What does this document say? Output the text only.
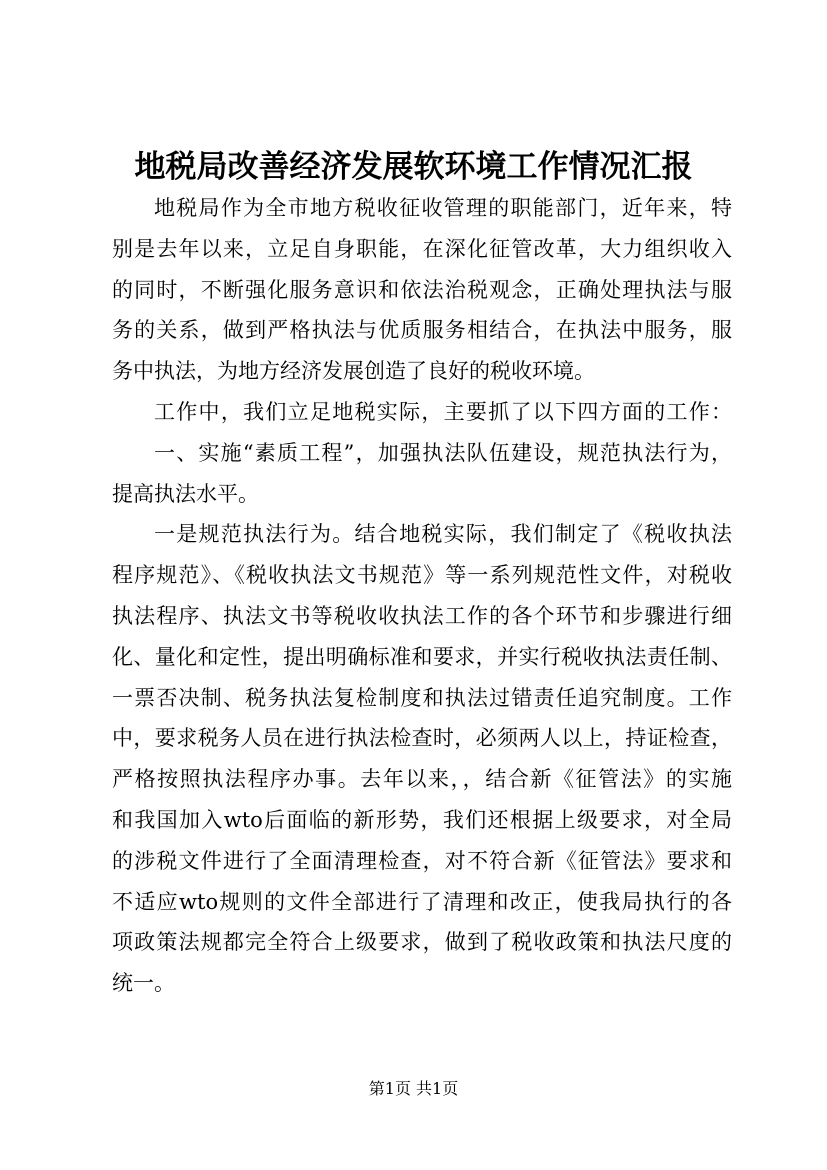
地税局改善经济发展软环境工作情况汇报
地税局作为全市地方税收征收管理的职能部门，近年来，特
别是去年以来，立足自身职能，在深化征管改革，大力组织收入
的同时，不断强化服务意识和依法治税观念，正确处理执法与服
务的关系，做到严格执法与优质服务相结合，在执法中服务，服
务中执法，为地方经济发展创造了良好的税收环境。
工作中，我们立足地税实际，主要抓了以下四方面的工作：
一、实施“素质工程”，加强执法队伍建设，规范执法行为，
提高执法水平。
一是规范执法行为。结合地税实际，我们制定了《税收执法
程序规范》、《税收执法文书规范》等一系列规范性文件，对税收
执法程序、执法文书等税收收执法工作的各个环节和步骤进行细
化、量化和定性，提出明确标准和要求，并实行税收执法责任制、
一票否决制、税务执法复检制度和执法过错责任追究制度。工作
中，要求税务人员在进行执法检查时，必须两人以上，持证检查，
严格按照执法程序办事。去年以来，，结合新《征管法》的实施
和我国加入wto后面临的新形势，我们还根据上级要求，对全局
的涉税文件进行了全面清理检查，对不符合新《征管法》要求和
不适应wto规则的文件全部进行了清理和改正，使我局执行的各
项政策法规都完全符合上级要求，做到了税收政策和执法尺度的
统一。
第1页 共1页
